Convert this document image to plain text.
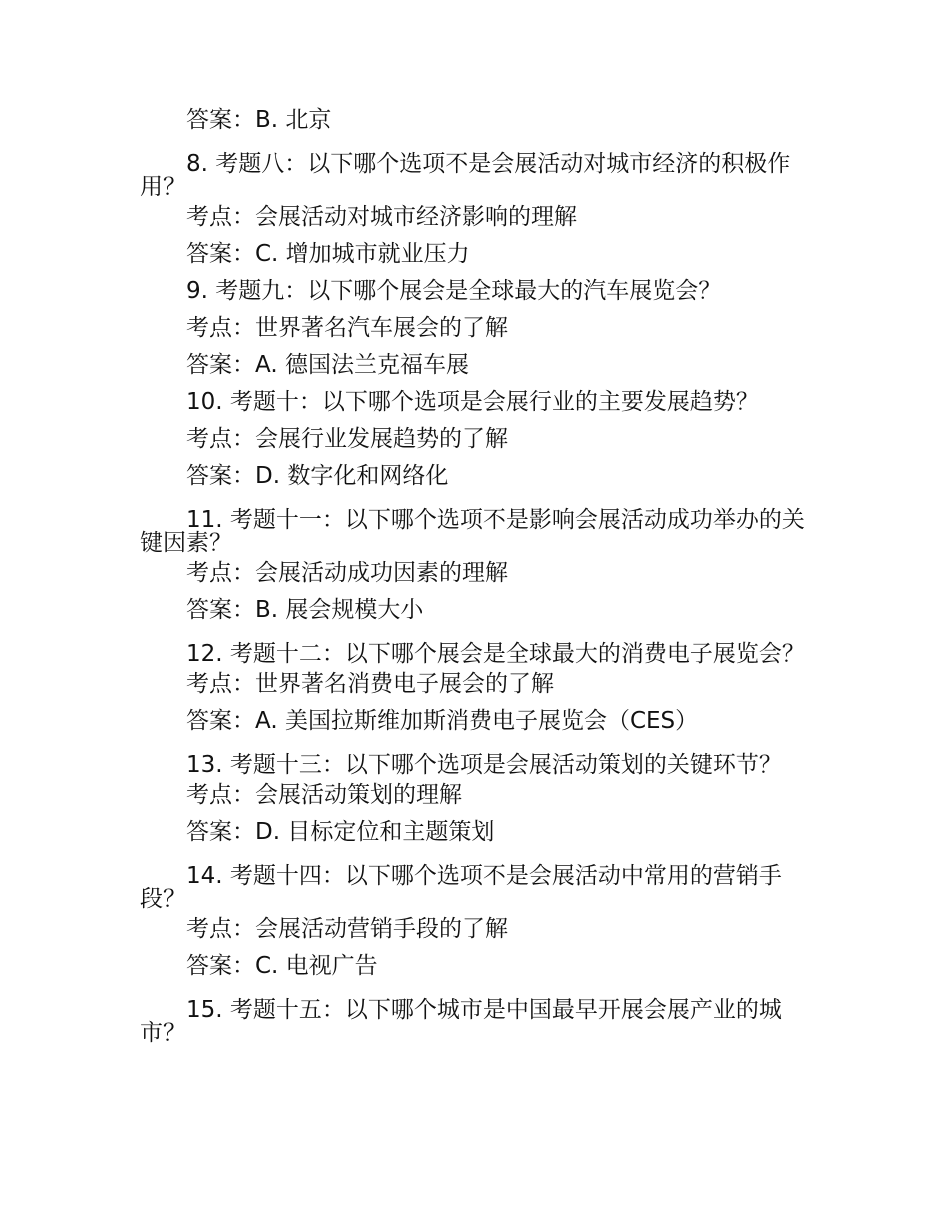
答案：B. 北京
8. 考题八：以下哪个选项不是会展活动对城市经济的积极作用？
考点：会展活动对城市经济影响的理解
答案：C. 增加城市就业压力
9. 考题九：以下哪个展会是全球最大的汽车展览会？
考点：世界著名汽车展会的了解
答案：A. 德国法兰克福车展
10. 考题十：以下哪个选项是会展行业的主要发展趋势？
考点：会展行业发展趋势的了解
答案：D. 数字化和网络化
11. 考题十一：以下哪个选项不是影响会展活动成功举办的关键因素？
考点：会展活动成功因素的理解
答案：B. 展会规模大小
12. 考题十二：以下哪个展会是全球最大的消费电子展览会？
考点：世界著名消费电子展会的了解
答案：A. 美国拉斯维加斯消费电子展览会（CES）
13. 考题十三：以下哪个选项是会展活动策划的关键环节？
考点：会展活动策划的理解
答案：D. 目标定位和主题策划
14. 考题十四：以下哪个选项不是会展活动中常用的营销手段？
考点：会展活动营销手段的了解
答案：C. 电视广告
15. 考题十五：以下哪个城市是中国最早开展会展产业的城市？
